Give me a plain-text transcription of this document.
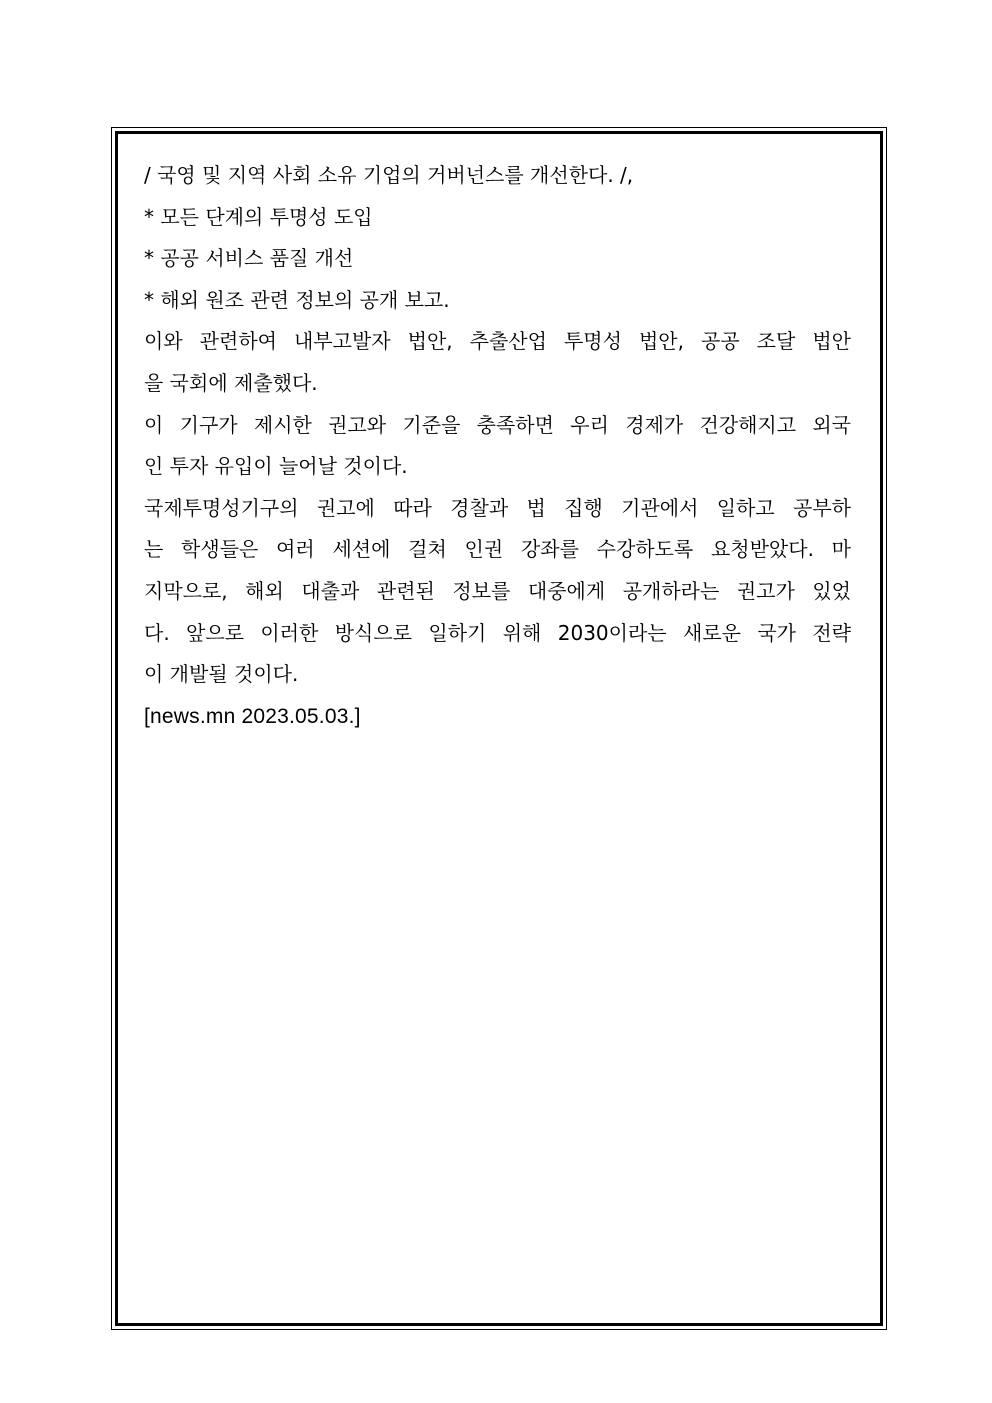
/ 국영 및 지역 사회 소유 기업의 거버넌스를 개선한다. /,
* 모든 단계의 투명성 도입
* 공공 서비스 품질 개선
* 해외 원조 관련 정보의 공개 보고.
이와 관련하여 내부고발자 법안, 추출산업 투명성 법안, 공공 조달 법안
을 국회에 제출했다.
이 기구가 제시한 권고와 기준을 충족하면 우리 경제가 건강해지고 외국
인 투자 유입이 늘어날 것이다.
국제투명성기구의 권고에 따라 경찰과 법 집행 기관에서 일하고 공부하
는 학생들은 여러 세션에 걸쳐 인권 강좌를 수강하도록 요청받았다. 마
지막으로, 해외 대출과 관련된 정보를 대중에게 공개하라는 권고가 있었
다. 앞으로 이러한 방식으로 일하기 위해 2030이라는 새로운 국가 전략
이 개발될 것이다.
[news.mn 2023.05.03.]
